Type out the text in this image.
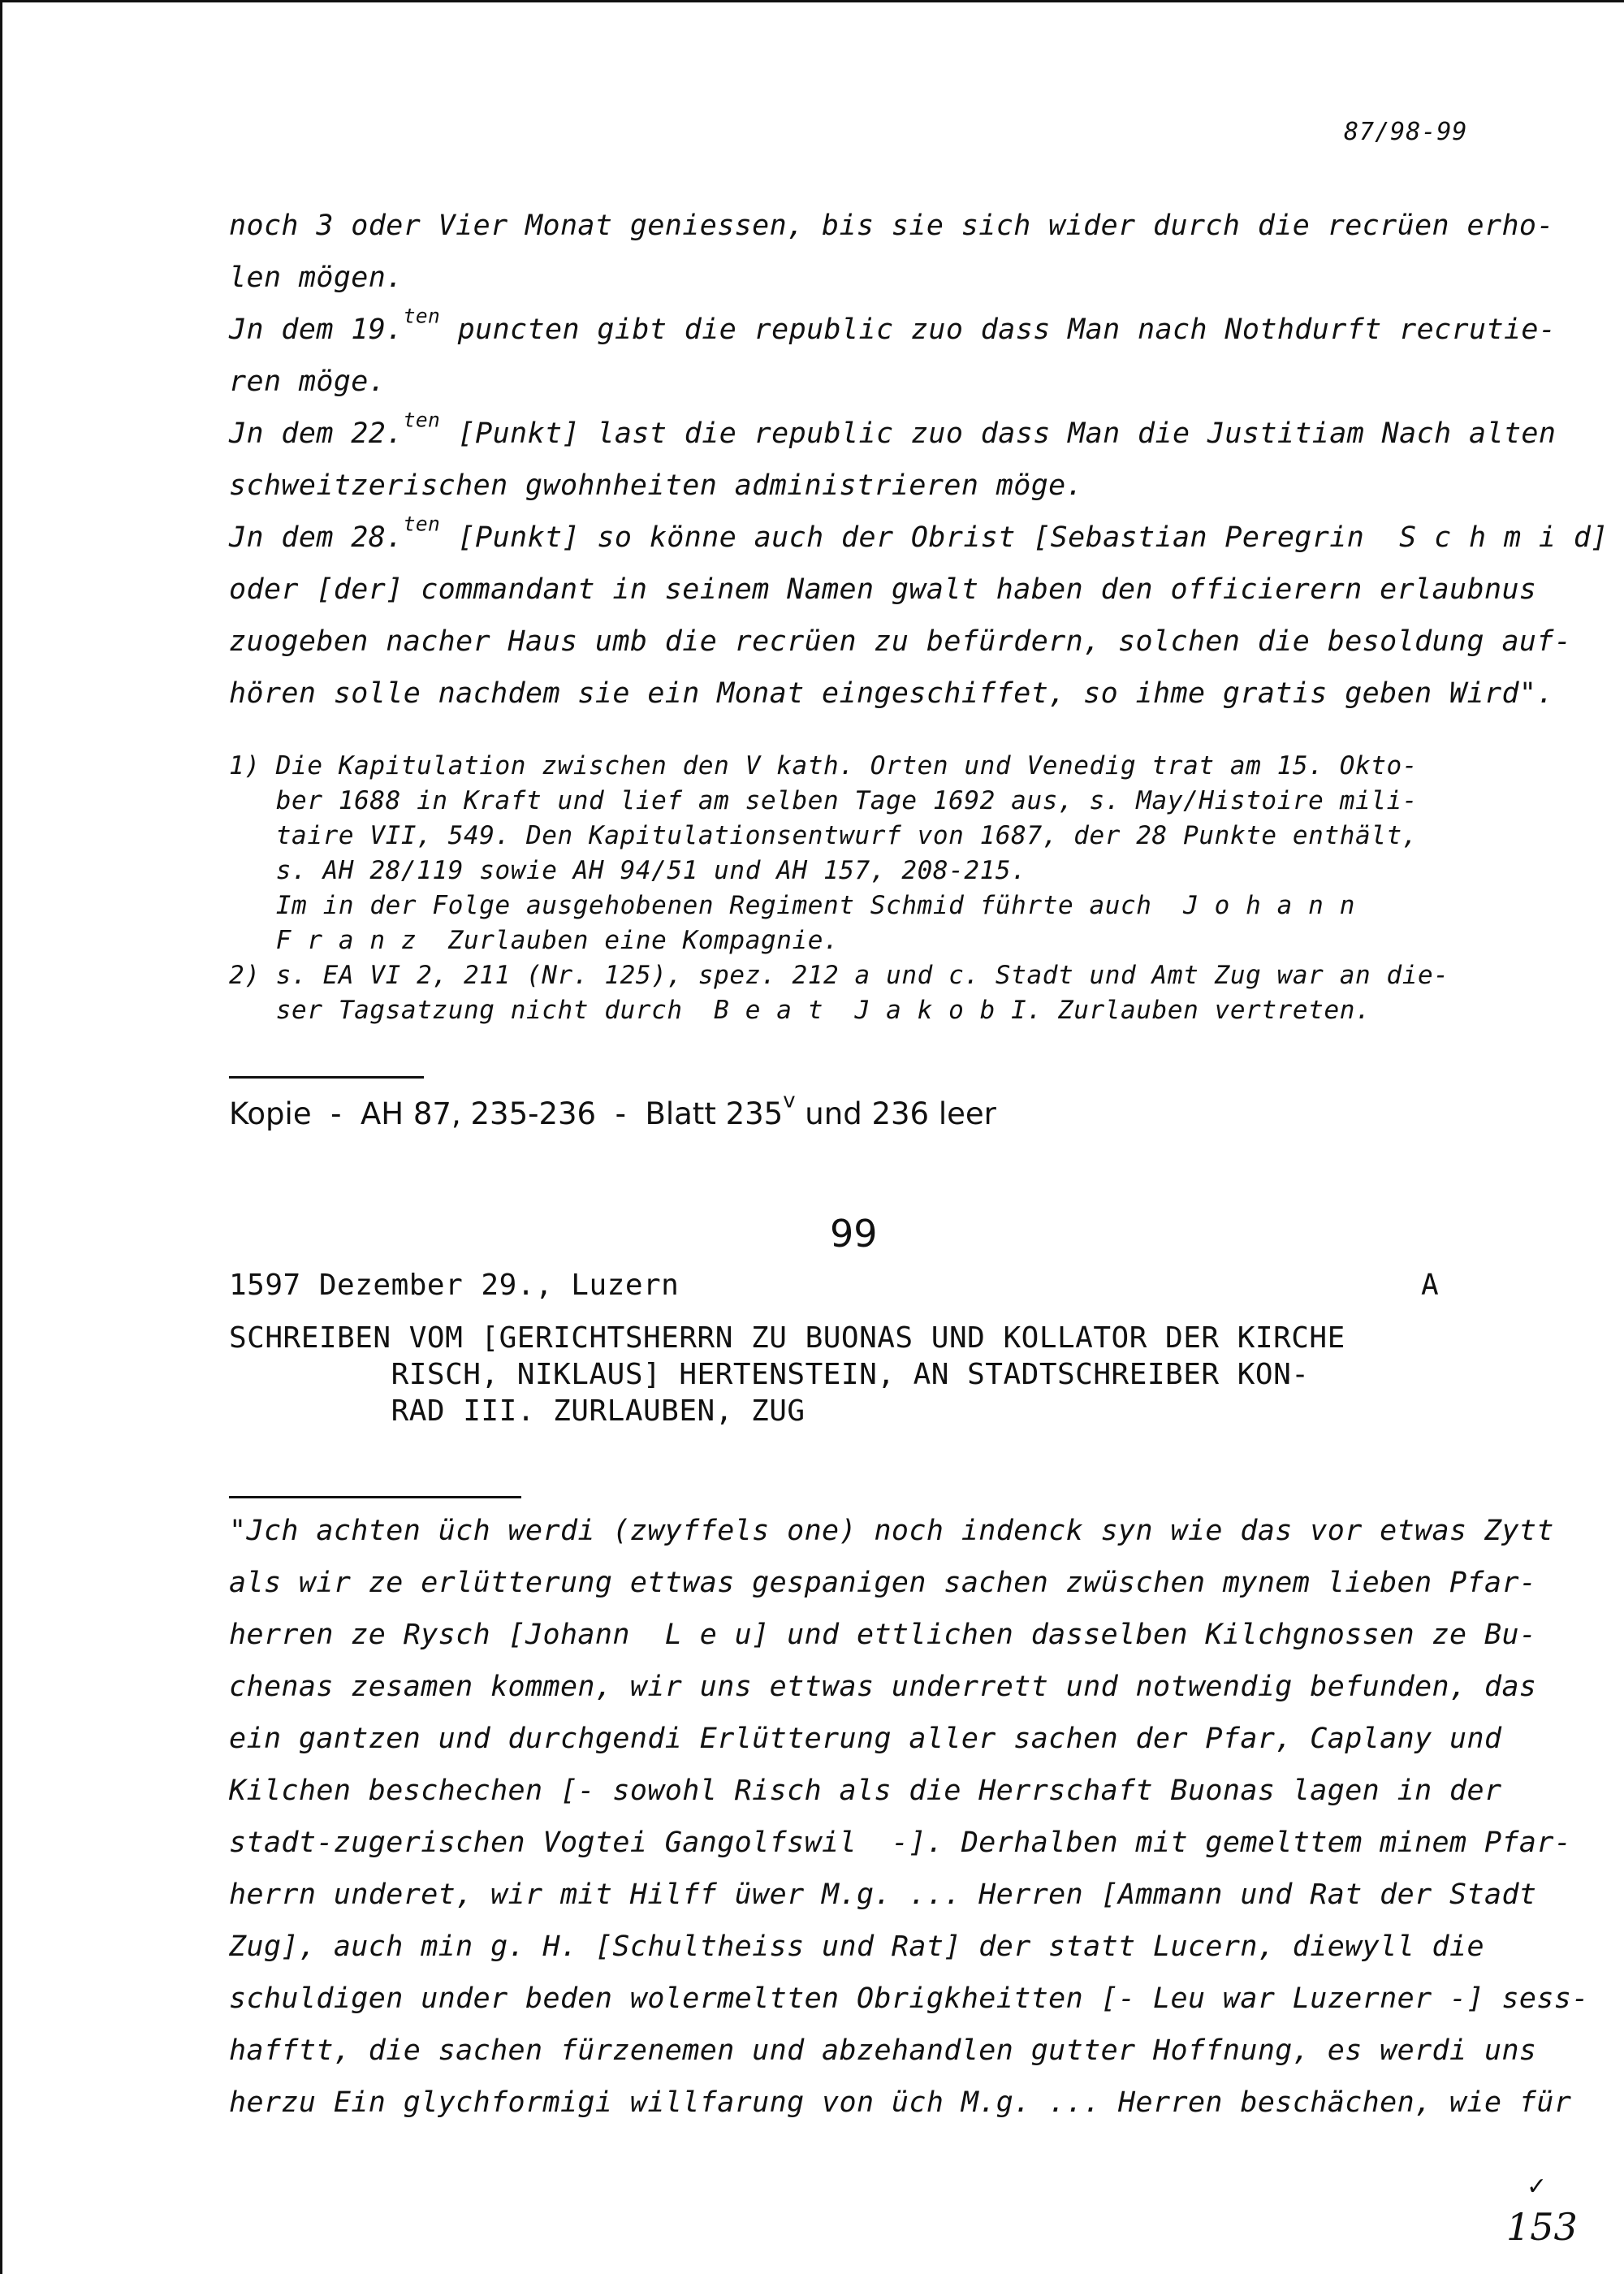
87/98-99
noch 3 oder Vier Monat geniessen, bis sie sich wider durch die recrüen erho-
len mögen.
Jn dem 19.$^{ten}$ puncten gibt die republic zuo dass Man nach Nothdurft recrutie-
ren möge.
Jn dem 22.$^{ten}$ [Punkt] last die republic zuo dass Man die Justitiam Nach alten
schweitzerischen gwohnheiten administrieren möge.
Jn dem 28.$^{ten}$ [Punkt] so könne auch der Obrist [Sebastian Peregrin  S c h m i d]
oder [der] commandant in seinem Namen gwalt haben den officierern erlaubnus
zuogeben nacher Haus umb die recrüen zu befürdern, solchen die besoldung auf-
hören solle nachdem sie ein Monat eingeschiffet, so ihme gratis geben Wird".
1) Die Kapitulation zwischen den V kath. Orten und Venedig trat am 15. Okto-
ber 1688 in Kraft und lief am selben Tage 1692 aus, s. May/Histoire mili-
taire VII, 549. Den Kapitulationsentwurf von 1687, der 28 Punkte enthält,
s. AH 28/119 sowie AH 94/51 und AH 157, 208-215.
Im in der Folge ausgehobenen Regiment Schmid führte auch  J o h a n n
F r a n z  Zurlauben eine Kompagnie.
2) s. EA VI 2, 211 (Nr. 125), spez. 212 a und c. Stadt und Amt Zug war an die-
ser Tagsatzung nicht durch  B e a t  J a k o b I. Zurlauben vertreten.
Kopie  -  AH 87, 235-236  -  Blatt 235$^v$ und 236 leer
99
1597 Dezember 29., Luzern	A
SCHREIBEN VOM [GERICHTSHERRN ZU BUONAS UND KOLLATOR DER KIRCHE
RISCH, NIKLAUS] HERTENSTEIN, AN STADTSCHREIBER KON-
RAD III. ZURLAUBEN, ZUG
"Jch achten üch werdi (zwyffels one) noch indenck syn wie das vor etwas Zytt
als wir ze erlütterung ettwas gespanigen sachen zwüschen mynem lieben Pfar-
herren ze Rysch [Johann  L e u] und ettlichen dasselben Kilchgnossen ze Bu-
chenas zesamen kommen, wir uns ettwas underrett und notwendig befunden, das
ein gantzen und durchgendi Erlütterung aller sachen der Pfar, Caplany und
Kilchen beschechen [- sowohl Risch als die Herrschaft Buonas lagen in der
stadt-zugerischen Vogtei Gangolfswil  -]. Derhalben mit gemelttem minem Pfar-
herrn underet, wir mit Hilff üwer M.g. ... Herren [Ammann und Rat der Stadt
Zug], auch min g. H. [Schultheiss und Rat] der statt Lucern, diewyll die
schuldigen under beden wolermeltten Obrigkheitten [- Leu war Luzerner -] sess-
hafftt, die sachen fürzenemen und abzehandlen gutter Hoffnung, es werdi uns
herzu Ein glychformigi willfarung von üch M.g. ... Herren beschächen, wie für
✓
153
